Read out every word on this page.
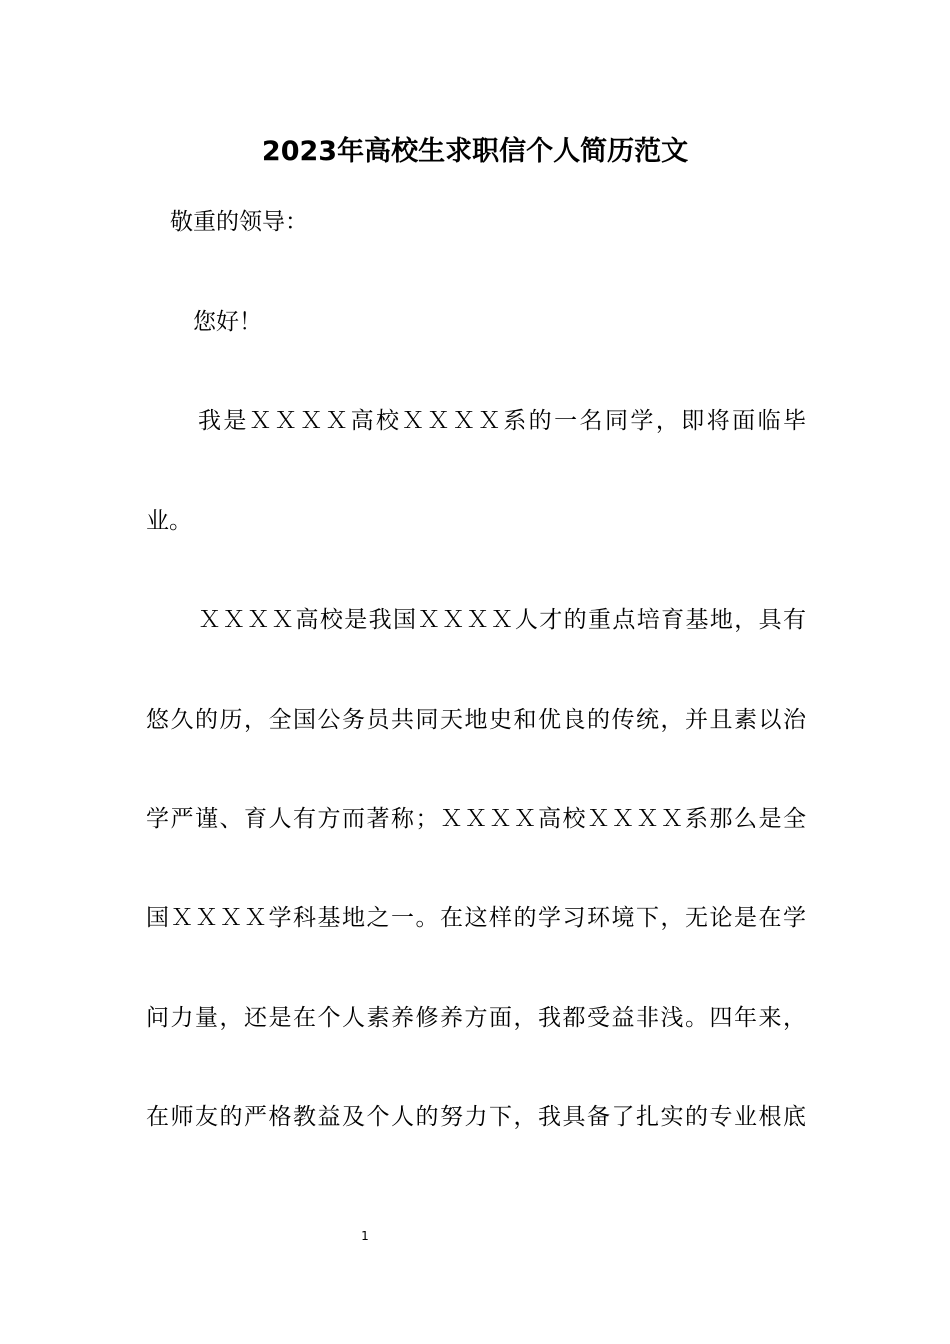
2023年高校生求职信个人简历范文

敬重的领导：

您好！

我是ＸＸＸＸ高校ＸＸＸＸ系的一名同学，即将面临毕

业。

ＸＸＸＸ高校是我国ＸＸＸＸ人才的重点培育基地，具有

悠久的历，全国公务员共同天地史和优良的传统，并且素以治

学严谨、育人有方而著称；ＸＸＸＸ高校ＸＸＸＸ系那么是全

国ＸＸＸＸ学科基地之一。在这样的学习环境下，无论是在学

问力量，还是在个人素养修养方面，我都受益非浅。四年来，

在师友的严格教益及个人的努力下，我具备了扎实的专业根底

1
